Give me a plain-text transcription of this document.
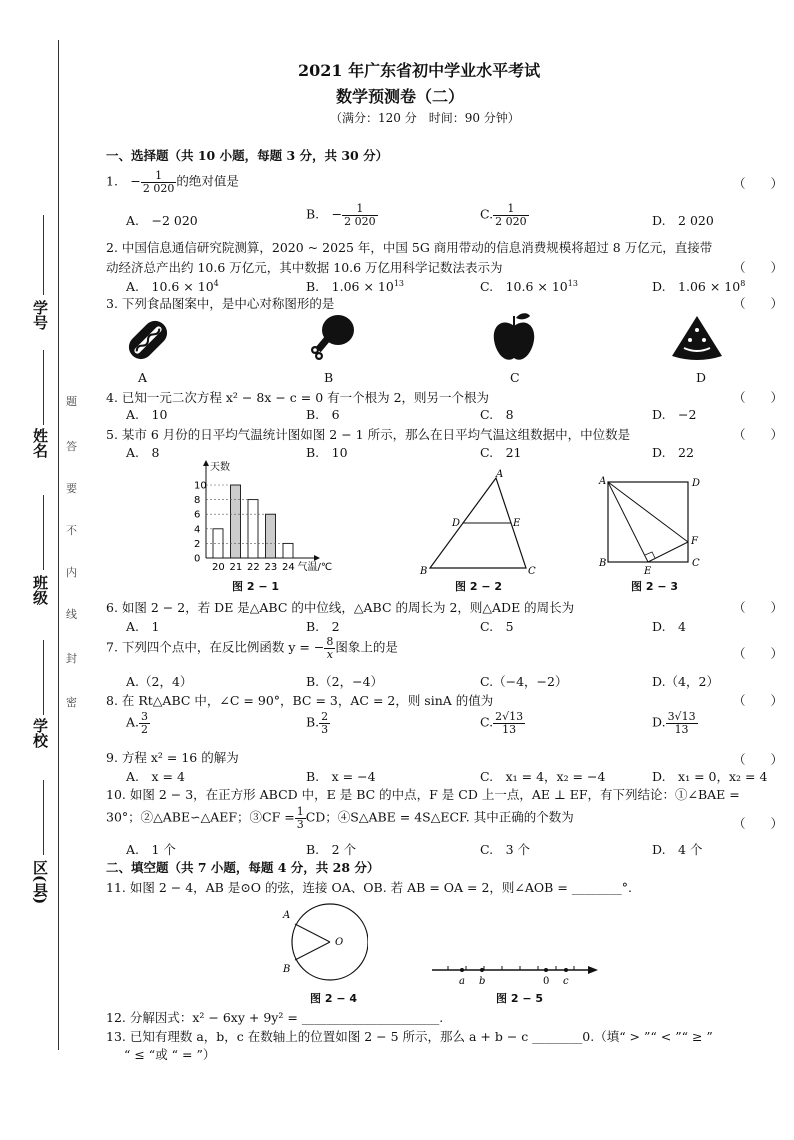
学号
姓名
班级
学校
区(县)
题
答
要
不
内
线
封
密
2021 年广东省初中学业水平考试
数学预测卷（二）
（满分：120 分　时间：90 分钟）
一、选择题（共 10 小题，每题 3 分，共 30 分）
1.　− $\frac{1}{2 020}$ 的绝对值是	（　　）
A.　−2 020	B.　− $\frac{1}{2 020}$	C. $\frac{1}{2 020}$	D.　2 020
2. 中国信息通信研究院测算，2020 ~ 2025 年，中国 5G 商用带动的信息消费规模将超过 8 万亿元，直接带
动经济总产出约 10.6 万亿元，其中数据 10.6 万亿用科学记数法表示为	（　　）
A.　$10.6 \times 10^4$	B.　$1.06 \times 10^{13}$	C.　$10.6 \times 10^{13}$	D.　$1.06 \times 10^8$
3. 下列食品图案中，是中心对称图形的是	（　　）
A	B	C	D
4. 已知一元二次方程 x² − 8x − c = 0 有一个根为 2，则另一个根为	（　　）
A.　10	B.　6	C.　8	D.　−2
5. 某市 6 月份的日平均气温统计图如图 2 − 1 所示，那么在日平均气温这组数据中，中位数是	（　　）
A.　8	B.　10	C.　21	D.　22
0
2
4
6
8
10
20 21 22 23 24
天数
气温/℃
图 2 − 1
A
B	C
D	E
图 2 − 2
A	D
B	C
E
F
图 2 − 3
6. 如图 2 − 2，若 DE 是△ABC 的中位线，△ABC 的周长为 2，则△ADE 的周长为	（　　）
A.　1	B.　2	C.　5	D.　4
7. 下列四个点中，在反比例函数 y = − $\frac{8}{x}$ 图象上的是	（　　）
A.（2，4）	B.（2，−4）	C.（−4，−2）	D.（4，2）
8. 在 Rt△ABC 中，∠C = 90°，BC = 3，AC = 2，则 sinA 的值为	（　　）
A. $\frac{3}{2}$	B. $\frac{2}{3}$	C. $\frac{2√13}{13}$	D. $\frac{3√13}{13}$
9. 方程 x² = 16 的解为	（　　）
A.　x = 4	B.　x = −4	C.　x₁ = 4，x₂ = −4	D.　x₁ = 0，x₂ = 4
10. 如图 2 − 3，在正方形 ABCD 中，E 是 BC 的中点，F 是 CD 上一点，AE ⊥ EF，有下列结论：①∠BAE =
30°；②△ABE∽△AEF；③CF = $\frac{1}{3}$ CD；④S△ABE = 4S△ECF. 其中正确的个数为	（　　）
A.　1 个	B.　2 个	C.　3 个	D.　4 个
二、填空题（共 7 小题，每题 4 分，共 28 分）
11. 如图 2 − 4，AB 是⊙O 的弦，连接 OA、OB. 若 AB = OA = 2，则∠AOB = ________°.
A
B
O
图 2 − 4
a b	0 c
图 2 − 5
12. 分解因式：x² − 6xy + 9y² = ______________________.
13. 已知有理数 a，b，c 在数轴上的位置如图 2 − 5 所示，那么 a + b − c ________0.（填“ > ”“ < ”“ ≥ ”
“ ≤ “或 “ = ”）
